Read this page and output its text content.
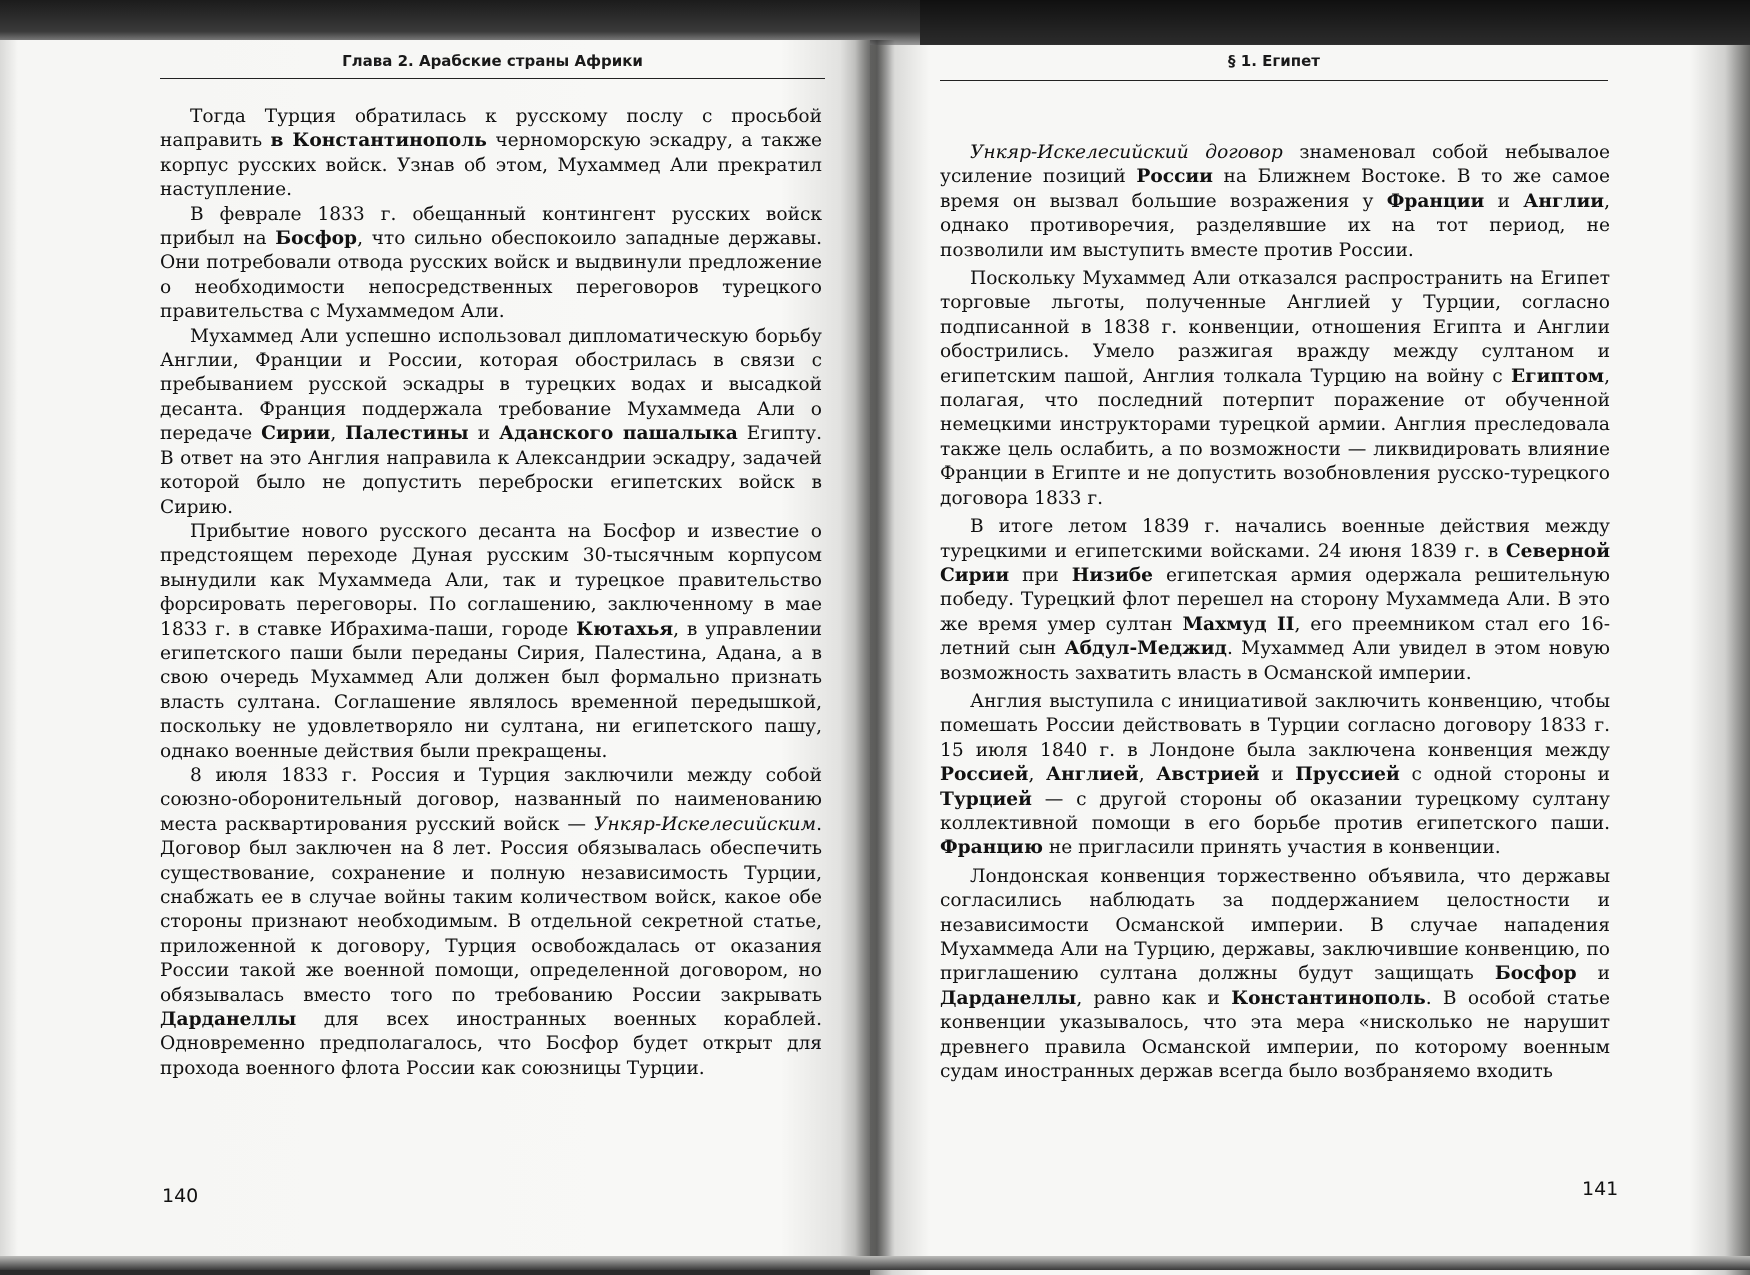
Глава 2. Арабские страны Африки

Тогда Турция обратилась к русскому послу с просьбой направить в Константинополь черноморскую эскадру, а также корпус русских войск. Узнав об этом, Мухаммед Али прекратил наступление.

В феврале 1833 г. обещанный контингент русских войск прибыл на Босфор, что сильно обеспокоило западные державы. Они потребовали отвода русских войск и выдвинули предложение о необходимости непосредственных переговоров турецкого правительства с Мухаммедом Али.

Мухаммед Али успешно использовал дипломатическую борьбу Англии, Франции и России, которая обострилась в связи с пребыванием русской эскадры в турецких водах и высадкой десанта. Франция поддержала требование Мухаммеда Али о передаче Сирии, Палестины и Аданского пашалыка Египту. В ответ на это Англия направила к Александрии эскадру, задачей которой было не допустить переброски египетских войск в Сирию.

Прибытие нового русского десанта на Босфор и известие о предстоящем переходе Дуная русским 30-тысячным корпусом вынудили как Мухаммеда Али, так и турецкое правительство форсировать переговоры. По соглашению, заключенному в мае 1833 г. в ставке Ибрахима-паши, городе Кютахья, в управлении египетского паши были переданы Сирия, Палестина, Адана, а в свою очередь Мухаммед Али должен был формально признать власть султана. Соглашение являлось временной передышкой, поскольку не удовлетворяло ни султана, ни египетского пашу, однако военные действия были прекращены.

8 июля 1833 г. Россия и Турция заключили между собой союзно-оборонительный договор, названный по наименованию места расквартирования русский войск — Ункяр-Искелесийским. Договор был заключен на 8 лет. Россия обязывалась обеспечить существование, сохранение и полную независимость Турции, снабжать ее в случае войны таким количеством войск, какое обе стороны признают необходимым. В отдельной секретной статье, приложенной к договору, Турция освобождалась от оказания России такой же военной помощи, определенной договором, но обязывалась вместо того по требованию России закрывать Дарданеллы для всех иностранных военных кораблей. Одновременно предполагалось, что Босфор будет открыт для прохода военного флота России как союзницы Турции.

140

§ 1. Египет

Ункяр-Искелесийский договор знаменовал собой небывалое усиление позиций России на Ближнем Востоке. В то же самое время он вызвал большие возражения у Франции и Англии, однако противоречия, разделявшие их на тот период, не позволили им выступить вместе против России.

Поскольку Мухаммед Али отказался распространить на Египет торговые льготы, полученные Англией у Турции, согласно подписанной в 1838 г. конвенции, отношения Египта и Англии обострились. Умело разжигая вражду между султаном и египетским пашой, Англия толкала Турцию на войну с Египтом, полагая, что последний потерпит поражение от обученной немецкими инструкторами турецкой армии. Англия преследовала также цель ослабить, а по возможности — ликвидировать влияние Франции в Египте и не допустить возобновления русско-турецкого договора 1833 г.

В итоге летом 1839 г. начались военные действия между турецкими и египетскими войсками. 24 июня 1839 г. в Северной Сирии при Низибе египетская армия одержала решительную победу. Турецкий флот перешел на сторону Мухаммеда Али. В это же время умер султан Махмуд II, его преемником стал его 16-летний сын Абдул-Меджид. Мухаммед Али увидел в этом новую возможность захватить власть в Османской империи.

Англия выступила с инициативой заключить конвенцию, чтобы помешать России действовать в Турции согласно договору 1833 г. 15 июля 1840 г. в Лондоне была заключена конвенция между Россией, Англией, Австрией и Пруссией с одной стороны и Турцией — с другой стороны об оказании турецкому султану коллективной помощи в его борьбе против египетского паши. Францию не пригласили принять участия в конвенции.

Лондонская конвенция торжественно объявила, что державы согласились наблюдать за поддержанием целостности и независимости Османской империи. В случае нападения Мухаммеда Али на Турцию, державы, заключившие конвенцию, по приглашению султана должны будут защищать Босфор и Дарданеллы, равно как и Константинополь. В особой статье конвенции указывалось, что эта мера «нисколько не нарушит древнего правила Османской империи, по которому военным судам иностранных держав всегда было возбраняемо входить

141
